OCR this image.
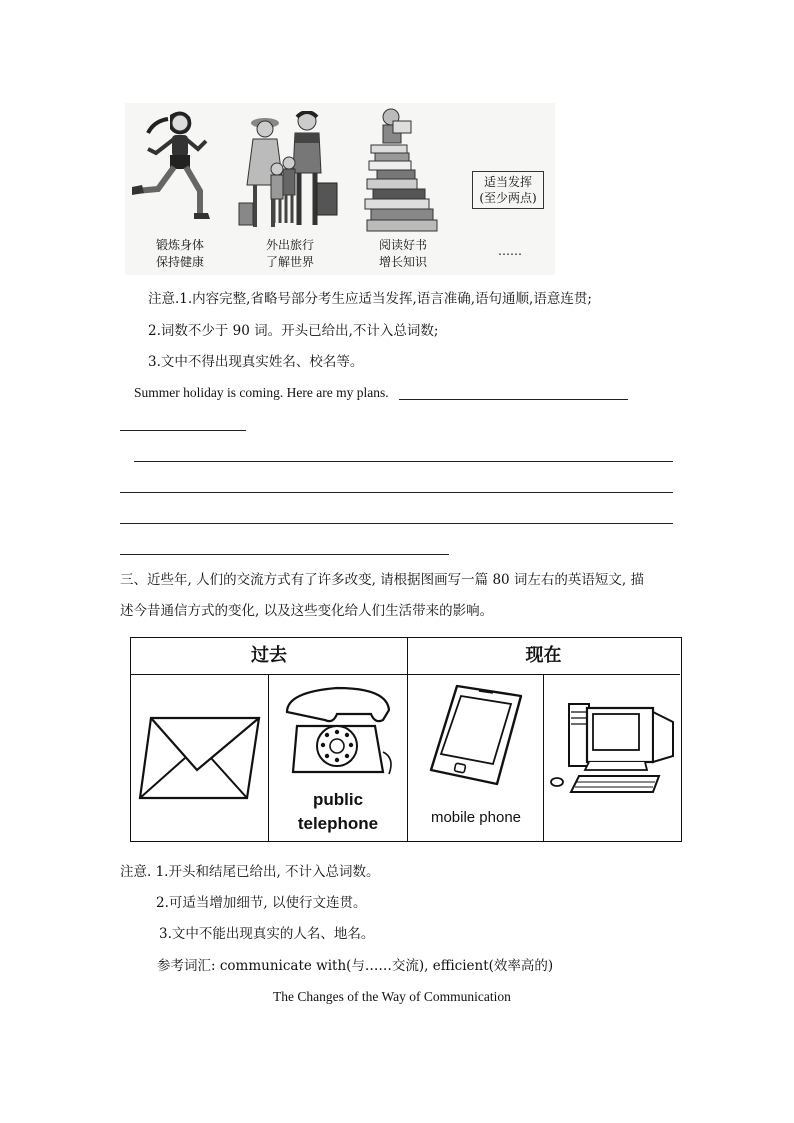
锻炼身体
保持健康
外出旅行
了解世界
阅读好书
增长知识
适当发挥
(至少两点)
……
注意.1.内容完整,省略号部分考生应适当发挥,语言准确,语句通顺,语意连贯;
2.词数不少于 90 词。开头已给出,不计入总词数;
3.文中不得出现真实姓名、校名等。
Summer holiday is coming. Here are my plans.
三、近些年, 人们的交流方式有了许多改变, 请根据图画写一篇 80 词左右的英语短文, 描
述今昔通信方式的变化, 以及这些变化给人们生活带来的影响。
过去	现在
public
telephone	mobile phone
注意. 1.开头和结尾已给出, 不计入总词数。
2.可适当增加细节, 以使行文连贯。
3.文中不能出现真实的人名、地名。
参考词汇: communicate with(与……交流), efficient(效率高的)
The Changes of the Way of Communication
